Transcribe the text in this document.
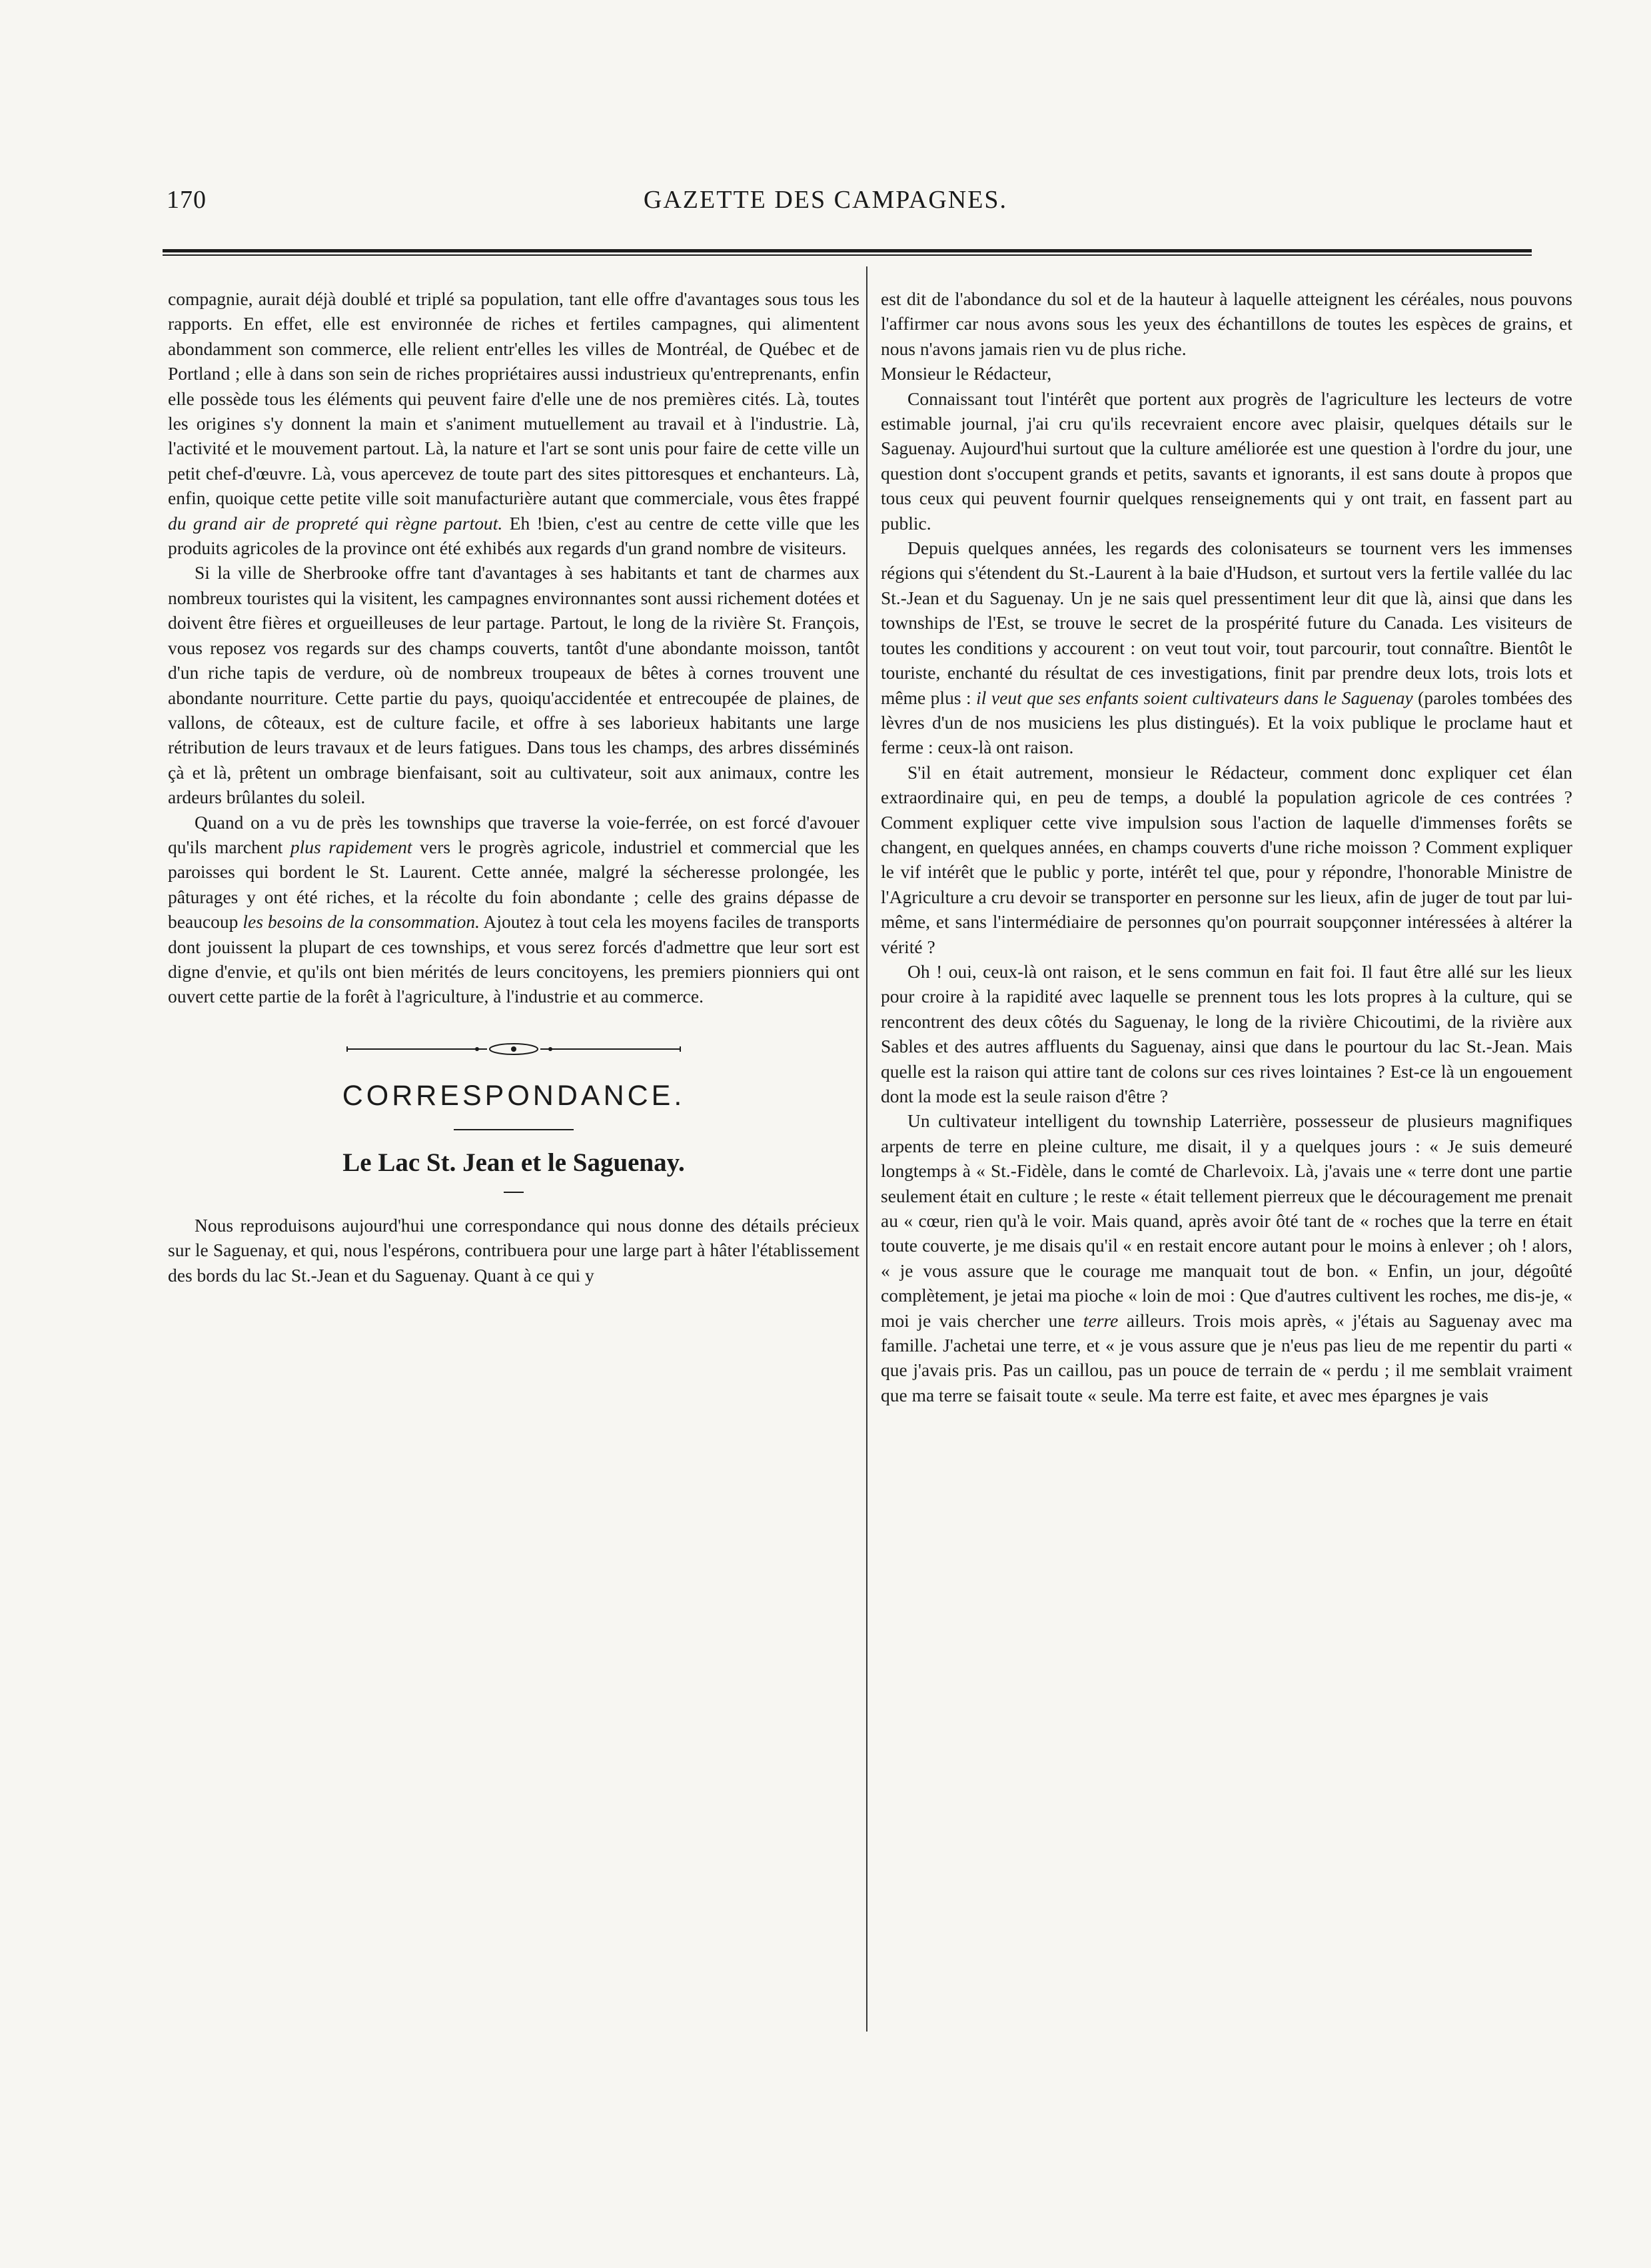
170	GAZETTE DES CAMPAGNES.

compagnie, aurait déjà doublé et triplé sa population, tant elle offre d'avantages sous tous les rapports. En effet, elle est environnée de riches et fertiles campagnes, qui alimentent abondamment son commerce, elle relient entr'elles les villes de Montréal, de Québec et de Portland ; elle à dans son sein de riches propriétaires aussi industrieux qu'entreprenants, enfin elle possède tous les éléments qui peuvent faire d'elle une de nos premières cités. Là, toutes les origines s'y donnent la main et s'animent mutuellement au travail et à l'industrie. Là, l'activité et le mouvement partout. Là, la nature et l'art se sont unis pour faire de cette ville un petit chef-d'œuvre. Là, vous apercevez de toute part des sites pittoresques et enchanteurs. Là, enfin, quoique cette petite ville soit manufacturière autant que commerciale, vous êtes frappé du grand air de propreté qui règne partout. Eh !bien, c'est au centre de cette ville que les produits agricoles de la province ont été exhibés aux regards d'un grand nombre de visiteurs.

Si la ville de Sherbrooke offre tant d'avantages à ses habitants et tant de charmes aux nombreux touristes qui la visitent, les campagnes environnantes sont aussi richement dotées et doivent être fières et orgueilleuses de leur partage. Partout, le long de la rivière St. François, vous reposez vos regards sur des champs couverts, tantôt d'une abondante moisson, tantôt d'un riche tapis de verdure, où de nombreux troupeaux de bêtes à cornes trouvent une abondante nourriture. Cette partie du pays, quoiqu'accidentée et entrecoupée de plaines, de vallons, de côteaux, est de culture facile, et offre à ses laborieux habitants une large rétribution de leurs travaux et de leurs fatigues. Dans tous les champs, des arbres disséminés çà et là, prêtent un ombrage bienfaisant, soit au cultivateur, soit aux animaux, contre les ardeurs brûlantes du soleil.

Quand on a vu de près les townships que traverse la voie-ferrée, on est forcé d'avouer qu'ils marchent plus rapidement vers le progrès agricole, industriel et commercial que les paroisses qui bordent le St. Laurent. Cette année, malgré la sécheresse prolongée, les pâturages y ont été riches, et la récolte du foin abondante ; celle des grains dépasse de beaucoup les besoins de la consommation. Ajoutez à tout cela les moyens faciles de transports dont jouissent la plupart de ces townships, et vous serez forcés d'admettre que leur sort est digne d'envie, et qu'ils ont bien mérités de leurs concitoyens, les premiers pionniers qui ont ouvert cette partie de la forêt à l'agriculture, à l'industrie et au commerce.

CORRESPONDANCE.
Le Lac St. Jean et le Saguenay.

Nous reproduisons aujourd'hui une correspondance qui nous donne des détails précieux sur le Saguenay, et qui, nous l'espérons, contribuera pour une large part à hâter l'établissement des bords du lac St.-Jean et du Saguenay. Quant à ce qui y

est dit de l'abondance du sol et de la hauteur à laquelle atteignent les céréales, nous pouvons l'affirmer car nous avons sous les yeux des échantillons de toutes les espèces de grains, et nous n'avons jamais rien vu de plus riche.

Monsieur le Rédacteur,

Connaissant tout l'intérêt que portent aux progrès de l'agriculture les lecteurs de votre estimable journal, j'ai cru qu'ils recevraient encore avec plaisir, quelques détails sur le Saguenay. Aujourd'hui surtout que la culture améliorée est une question à l'ordre du jour, une question dont s'occupent grands et petits, savants et ignorants, il est sans doute à propos que tous ceux qui peuvent fournir quelques renseignements qui y ont trait, en fassent part au public.

Depuis quelques années, les regards des colonisateurs se tournent vers les immenses régions qui s'étendent du St.-Laurent à la baie d'Hudson, et surtout vers la fertile vallée du lac St.-Jean et du Saguenay. Un je ne sais quel pressentiment leur dit que là, ainsi que dans les townships de l'Est, se trouve le secret de la prospérité future du Canada. Les visiteurs de toutes les conditions y accourent : on veut tout voir, tout parcourir, tout connaître. Bientôt le touriste, enchanté du résultat de ces investigations, finit par prendre deux lots, trois lots et même plus : il veut que ses enfants soient cultivateurs dans le Saguenay (paroles tombées des lèvres d'un de nos musiciens les plus distingués). Et la voix publique le proclame haut et ferme : ceux-là ont raison.

S'il en était autrement, monsieur le Rédacteur, comment donc expliquer cet élan extraordinaire qui, en peu de temps, a doublé la population agricole de ces contrées ? Comment expliquer cette vive impulsion sous l'action de laquelle d'immenses forêts se changent, en quelques années, en champs couverts d'une riche moisson ? Comment expliquer le vif intérêt que le public y porte, intérêt tel que, pour y répondre, l'honorable Ministre de l'Agriculture a cru devoir se transporter en personne sur les lieux, afin de juger de tout par lui-même, et sans l'intermédiaire de personnes qu'on pourrait soupçonner intéressées à altérer la vérité ?

Oh ! oui, ceux-là ont raison, et le sens commun en fait foi. Il faut être allé sur les lieux pour croire à la rapidité avec laquelle se prennent tous les lots propres à la culture, qui se rencontrent des deux côtés du Saguenay, le long de la rivière Chicoutimi, de la rivière aux Sables et des autres affluents du Saguenay, ainsi que dans le pourtour du lac St.-Jean. Mais quelle est la raison qui attire tant de colons sur ces rives lointaines ? Est-ce là un engouement dont la mode est la seule raison d'être ?

Un cultivateur intelligent du township Laterrière, possesseur de plusieurs magnifiques arpents de terre en pleine culture, me disait, il y a quelques jours : « Je suis demeuré longtemps à « St.-Fidèle, dans le comté de Charlevoix. Là, j'avais une « terre dont une partie seulement était en culture ; le reste « était tellement pierreux que le découragement me prenait au « cœur, rien qu'à le voir. Mais quand, après avoir ôté tant de « roches que la terre en était toute couverte, je me disais qu'il « en restait encore autant pour le moins à enlever ; oh ! alors, « je vous assure que le courage me manquait tout de bon. « Enfin, un jour, dégoûté complètement, je jetai ma pioche « loin de moi : Que d'autres cultivent les roches, me dis-je, « moi je vais chercher une terre ailleurs. Trois mois après, « j'étais au Saguenay avec ma famille. J'achetai une terre, et « je vous assure que je n'eus pas lieu de me repentir du parti « que j'avais pris. Pas un caillou, pas un pouce de terrain de « perdu ; il me semblait vraiment que ma terre se faisait toute « seule. Ma terre est faite, et avec mes épargnes je vais
